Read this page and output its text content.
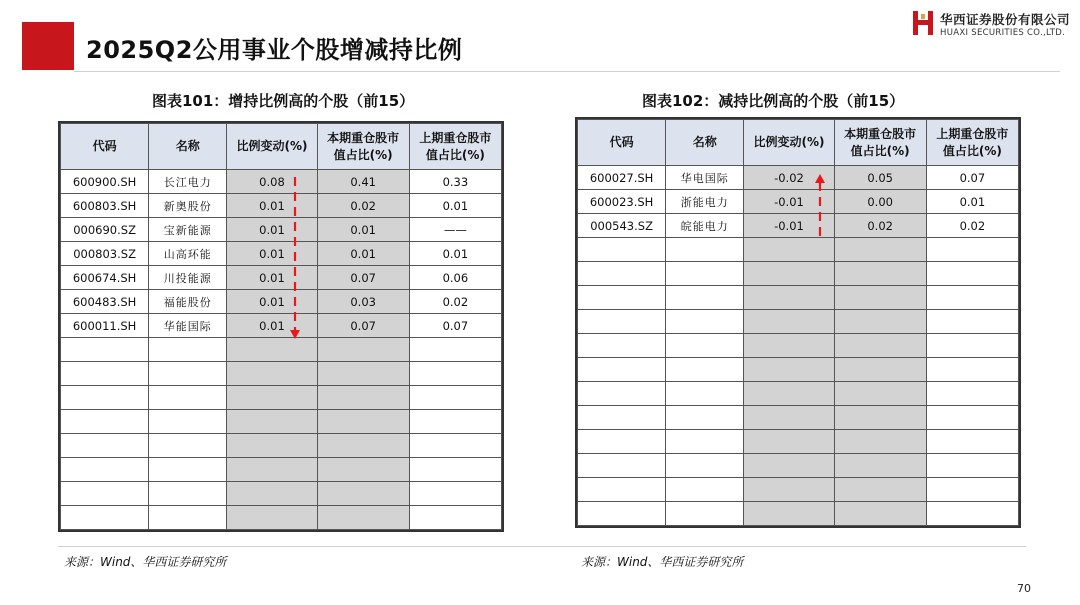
2025Q2公用事业个股增减持比例
华西证券股份有限公司
HUAXI SECURITIES CO.,LTD.
图表101：增持比例高的个股（前15）	图表102：减持比例高的个股（前15）
代码	名称	比例变动(%)	本期重仓股市
值占比(%)	上期重仓股市
值占比(%)
600900.SH	长江电力	0.08	0.41	0.33
600803.SH	新奥股份	0.01	0.02	0.01
000690.SZ	宝新能源	0.01	0.01	——
000803.SZ	山高环能	0.01	0.01	0.01
600674.SH	川投能源	0.01	0.07	0.06
600483.SH	福能股份	0.01	0.03	0.02
600011.SH	华能国际	0.01	0.07	0.07

代码	名称	比例变动(%)	本期重仓股市
值占比(%)	上期重仓股市
值占比(%)
600027.SH	华电国际	-0.02	0.05	0.07
600023.SH	浙能电力	-0.01	0.00	0.01
000543.SZ	皖能电力	-0.01	0.02	0.02

来源：Wind、华西证券研究所	来源：Wind、华西证券研究所
70
